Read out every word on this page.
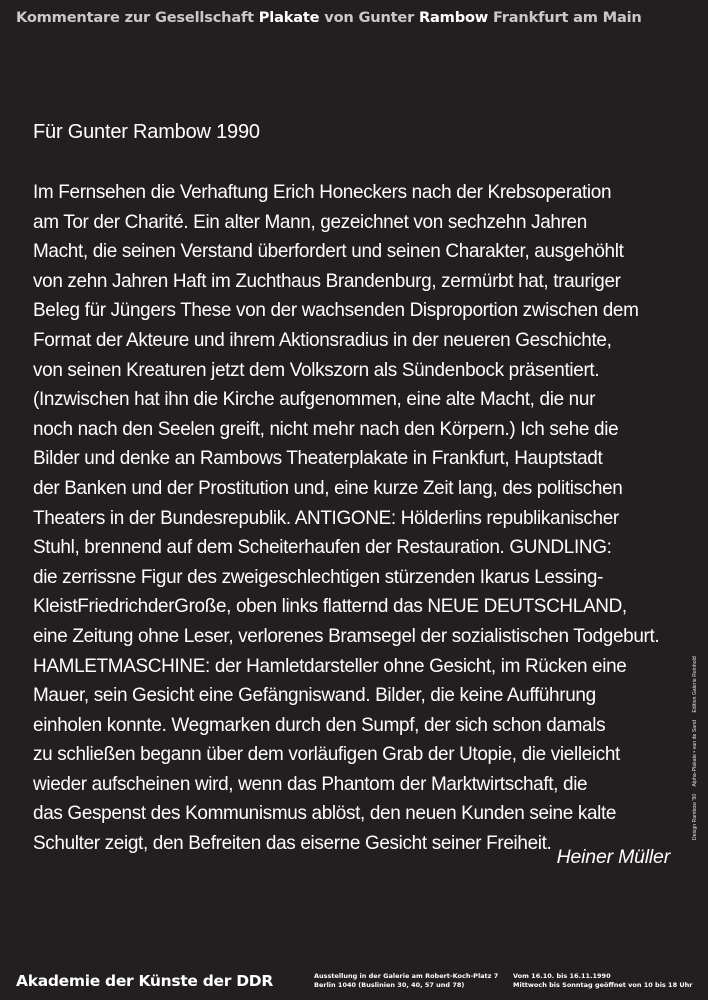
Kommentare zur Gesellschaft Plakate von Gunter Rambow Frankfurt am Main
Für Gunter Rambow 1990
Im Fernsehen die Verhaftung Erich Honeckers nach der Krebsoperation
am Tor der Charité. Ein alter Mann, gezeichnet von sechzehn Jahren
Macht, die seinen Verstand überfordert und seinen Charakter, ausgehöhlt
von zehn Jahren Haft im Zuchthaus Brandenburg, zermürbt hat, trauriger
Beleg für Jüngers These von der wachsenden Disproportion zwischen dem
Format der Akteure und ihrem Aktionsradius in der neueren Geschichte,
von seinen Kreaturen jetzt dem Volkszorn als Sündenbock präsentiert.
(Inzwischen hat ihn die Kirche aufgenommen, eine alte Macht, die nur
noch nach den Seelen greift, nicht mehr nach den Körpern.) Ich sehe die
Bilder und denke an Rambows Theaterplakate in Frankfurt, Hauptstadt
der Banken und der Prostitution und, eine kurze Zeit lang, des politischen
Theaters in der Bundesrepublik. ANTIGONE: Hölderlins republikanischer
Stuhl, brennend auf dem Scheiterhaufen der Restauration. GUNDLING:
die zerrissne Figur des zweigeschlechtigen stürzenden Ikarus Lessing-
KleistFriedrichderGroße, oben links flatternd das NEUE DEUTSCHLAND,
eine Zeitung ohne Leser, verlorenes Bramsegel der sozialistischen Todgeburt.
HAMLETMASCHINE: der Hamletdarsteller ohne Gesicht, im Rücken eine
Mauer, sein Gesicht eine Gefängniswand. Bilder, die keine Aufführung
einholen konnte. Wegmarken durch den Sumpf, der sich schon damals
zu schließen begann über dem vorläufigen Grab der Utopie, die vielleicht
wieder aufscheinen wird, wenn das Phantom der Marktwirtschaft, die
das Gespenst des Kommunismus ablöst, den neuen Kunden seine kalte
Schulter zeigt, den Befreiten das eiserne Gesicht seiner Freiheit.
Heiner Müller
Design Rambow '90 Alpha-Plakate • van de Sand Edition Galerie Reinhold
Akademie der Künste der DDR	Ausstellung in der Galerie am Robert-Koch-Platz 7
Berlin 1040 (Buslinien 30, 40, 57 und 78)
Vom 16.10. bis 16.11.1990
Mittwoch bis Sonntag geöffnet von 10 bis 18 Uhr
